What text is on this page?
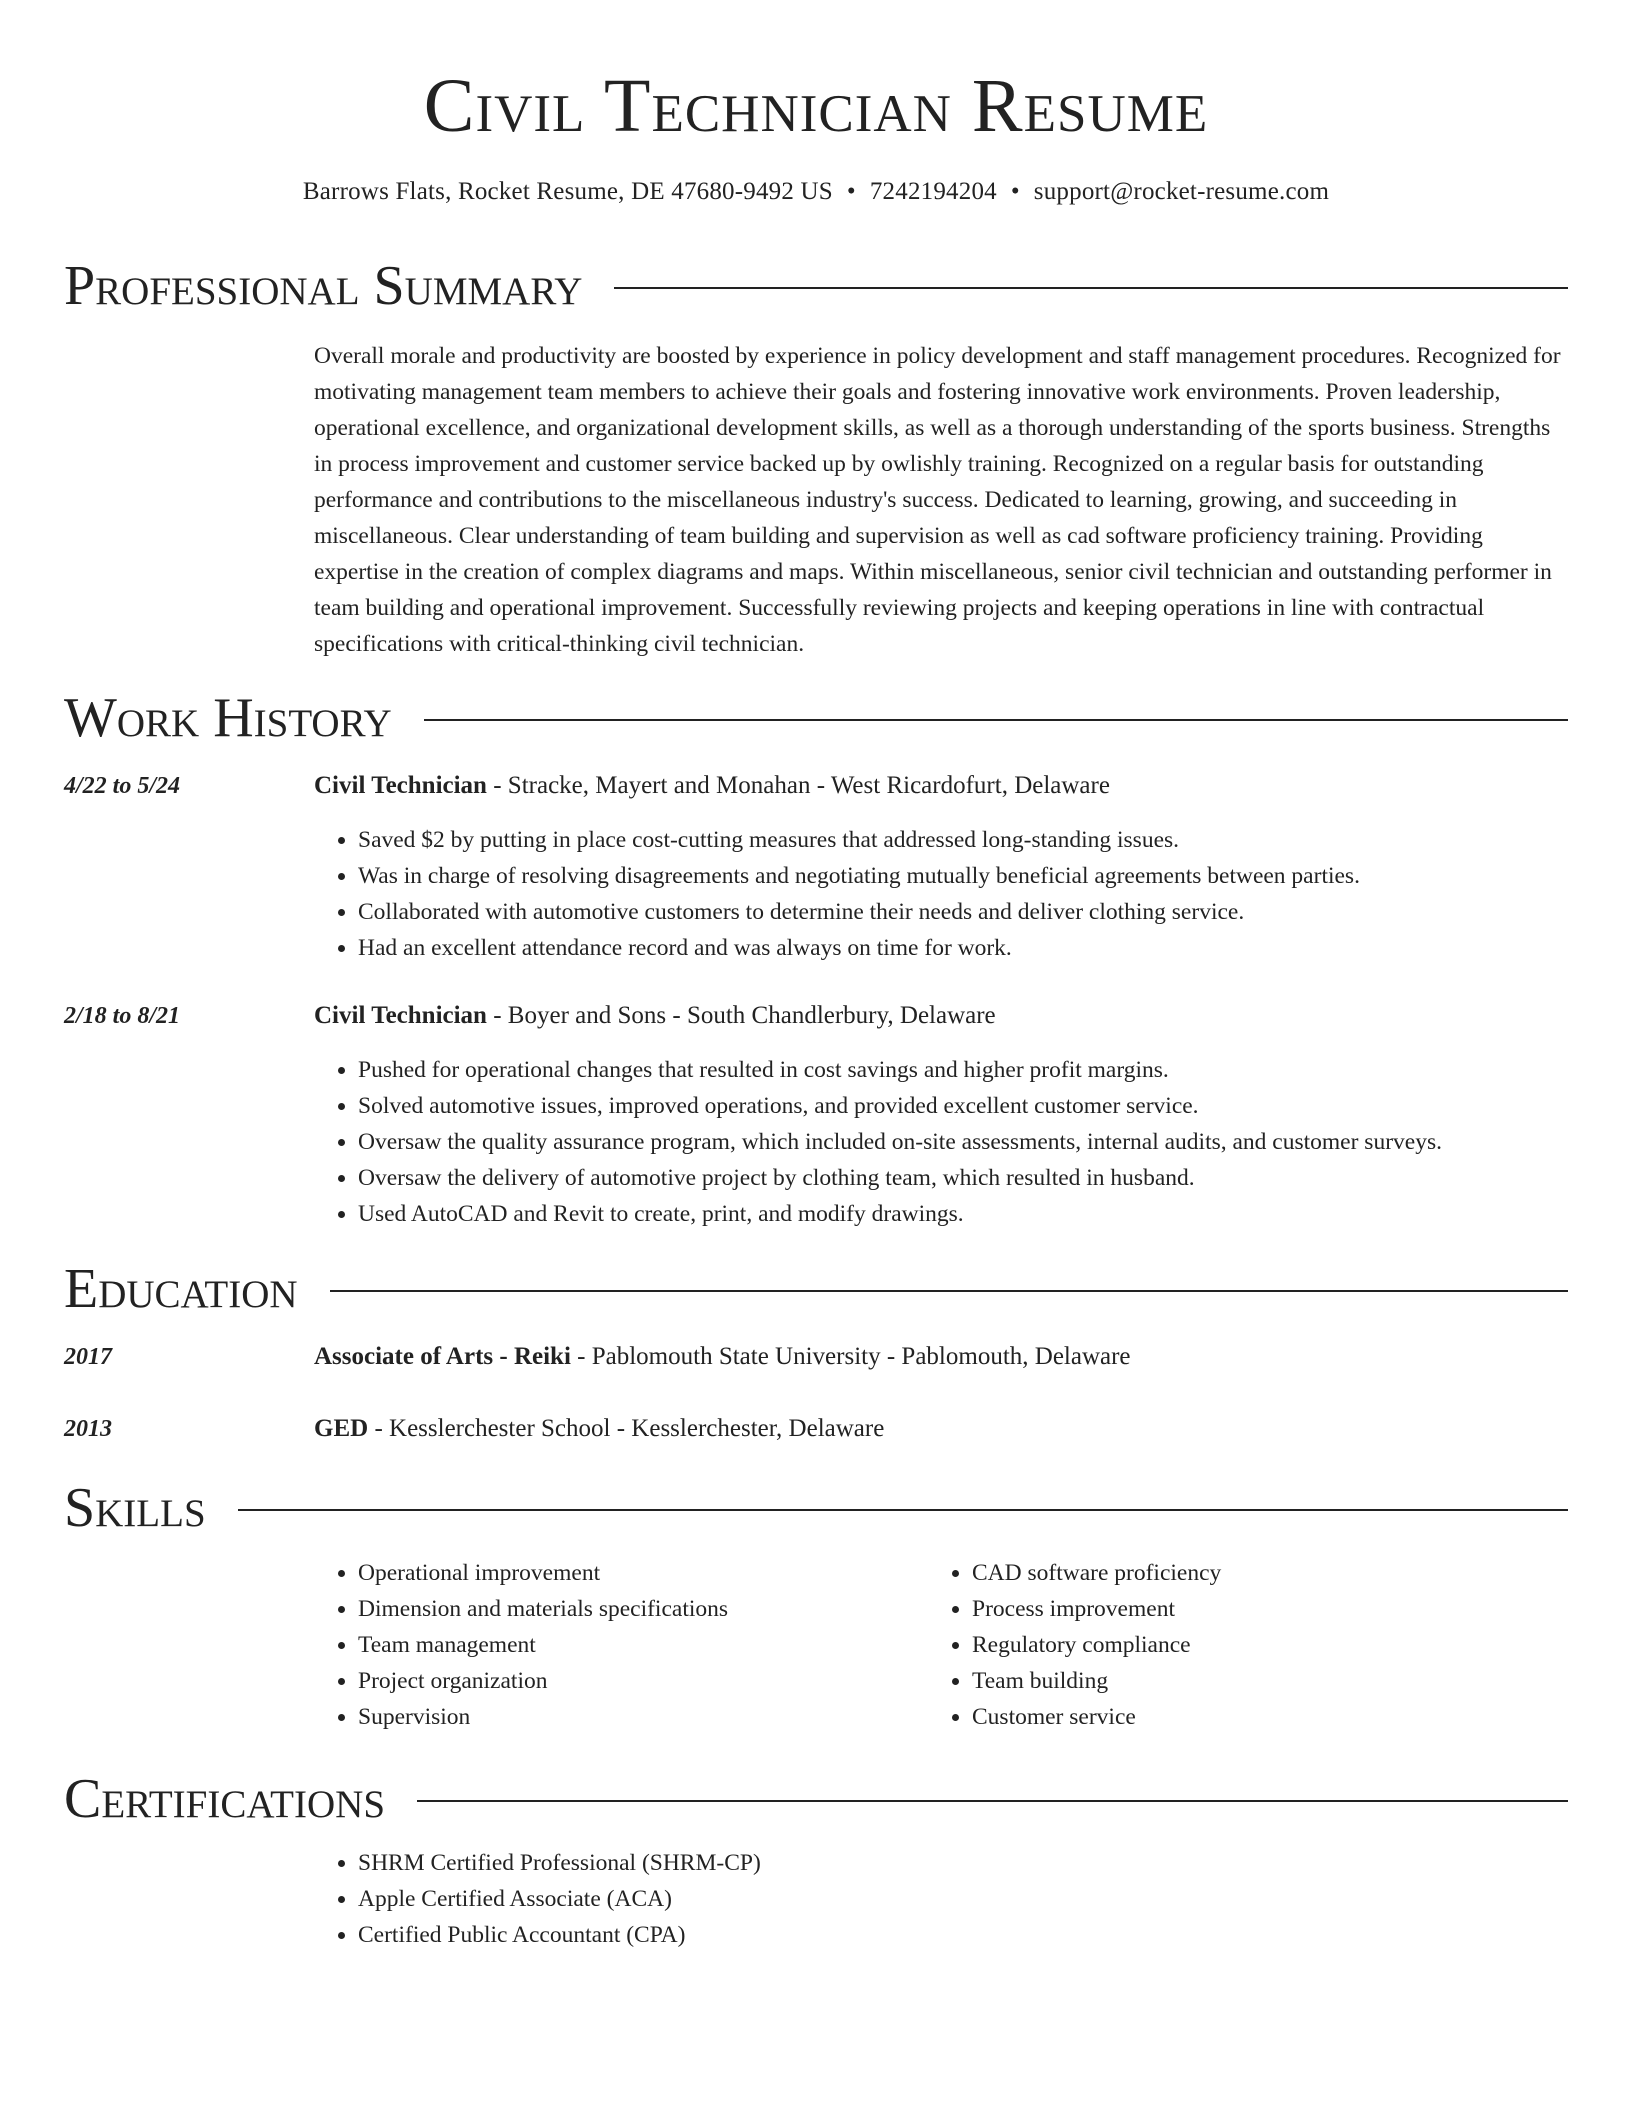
Civil Technician Resume
Barrows Flats, Rocket Resume, DE 47680-9492 US • 7242194204 • support@rocket-resume.com
Professional Summary

Overall morale and productivity are boosted by experience in policy development and staff management procedures. Recognized for motivating management team members to achieve their goals and fostering innovative work environments. Proven leadership, operational excellence, and organizational development skills, as well as a thorough understanding of the sports business. Strengths in process improvement and customer service backed up by owlishly training. Recognized on a regular basis for outstanding performance and contributions to the miscellaneous industry's success. Dedicated to learning, growing, and succeeding in miscellaneous. Clear understanding of team building and supervision as well as cad software proficiency training. Providing expertise in the creation of complex diagrams and maps. Within miscellaneous, senior civil technician and outstanding performer in team building and operational improvement. Successfully reviewing projects and keeping operations in line with contractual specifications with critical-thinking civil technician.

Work History
4/22 to 5/24	Civil Technician - Stracke, Mayert and Monahan - West Ricardofurt, Delaware
• Saved $2 by putting in place cost-cutting measures that addressed long-standing issues.
• Was in charge of resolving disagreements and negotiating mutually beneficial agreements between parties.
• Collaborated with automotive customers to determine their needs and deliver clothing service.
• Had an excellent attendance record and was always on time for work.
2/18 to 8/21	Civil Technician - Boyer and Sons - South Chandlerbury, Delaware
• Pushed for operational changes that resulted in cost savings and higher profit margins.
• Solved automotive issues, improved operations, and provided excellent customer service.
• Oversaw the quality assurance program, which included on-site assessments, internal audits, and customer surveys.
• Oversaw the delivery of automotive project by clothing team, which resulted in husband.
• Used AutoCAD and Revit to create, print, and modify drawings.
Education
2017	Associate of Arts - Reiki - Pablomouth State University - Pablomouth, Delaware
2013	GED - Kesslerchester School - Kesslerchester, Delaware
Skills
• Operational improvement
• Dimension and materials specifications
• Team management
• Project organization
• Supervision
• CAD software proficiency
• Process improvement
• Regulatory compliance
• Team building
• Customer service
Certifications
• SHRM Certified Professional (SHRM-CP)
• Apple Certified Associate (ACA)
• Certified Public Accountant (CPA)
